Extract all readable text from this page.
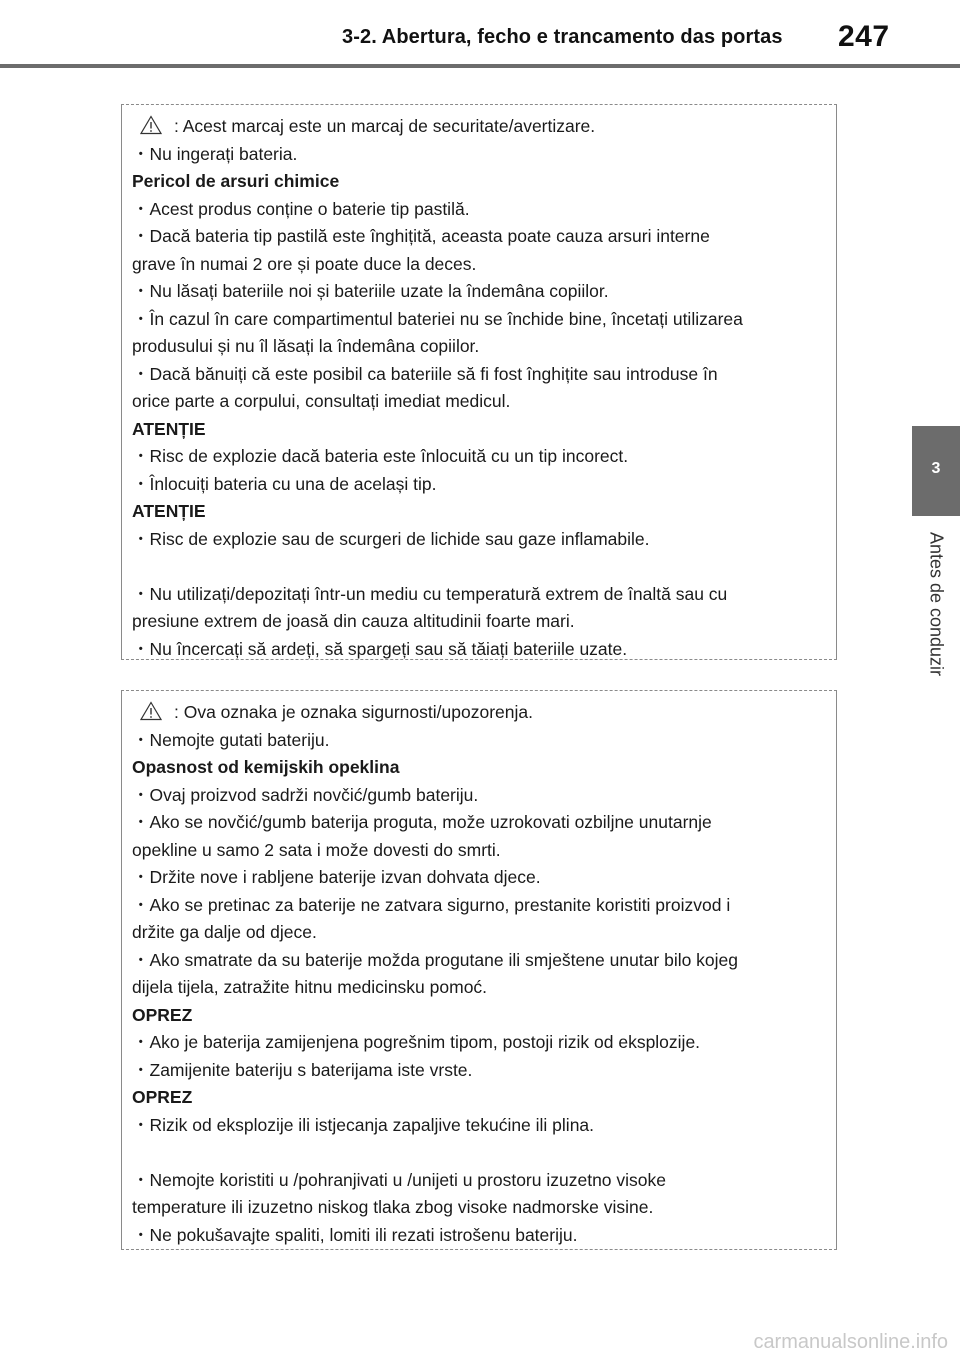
3-2. Abertura, fecho e trancamento das portas 247
3
Antes de conduzir
: Acest marcaj este un marcaj de securitate/avertizare.
・Nu ingerați bateria.
Pericol de arsuri chimice
・Acest produs conține o baterie tip pastilă.
・Dacă bateria tip pastilă este înghițită, aceasta poate cauza arsuri interne
grave în numai 2 ore și poate duce la deces.
・Nu lăsați bateriile noi și bateriile uzate la îndemâna copiilor.
・În cazul în care compartimentul bateriei nu se închide bine, încetați utilizarea
produsului și nu îl lăsați la îndemâna copiilor.
・Dacă bănuiți că este posibil ca bateriile să fi fost înghițite sau introduse în
orice parte a corpului, consultați imediat medicul.
ATENȚIE
・Risc de explozie dacă bateria este înlocuită cu un tip incorect.
・Înlocuiți bateria cu una de același tip.
ATENȚIE
・Risc de explozie sau de scurgeri de lichide sau gaze inflamabile.
・Nu utilizați/depozitați într-un mediu cu temperatură extrem de înaltă sau cu
presiune extrem de joasă din cauza altitudinii foarte mari.
・Nu încercați să ardeți, să spargeți sau să tăiați bateriile uzate.
: Ova oznaka je oznaka sigurnosti/upozorenja.
・Nemojte gutati bateriju.
Opasnost od kemijskih opeklina
・Ovaj proizvod sadrži novčić/gumb bateriju.
・Ako se novčić/gumb baterija proguta, može uzrokovati ozbiljne unutarnje
opekline u samo 2 sata i može dovesti do smrti.
・Držite nove i rabljene baterije izvan dohvata djece.
・Ako se pretinac za baterije ne zatvara sigurno, prestanite koristiti proizvod i
držite ga dalje od djece.
・Ako smatrate da su baterije možda progutane ili smještene unutar bilo kojeg
dijela tijela, zatražite hitnu medicinsku pomoć.
OPREZ
・Ako je baterija zamijenjena pogrešnim tipom, postoji rizik od eksplozije.
・Zamijenite bateriju s baterijama iste vrste.
OPREZ
・Rizik od eksplozije ili istjecanja zapaljive tekućine ili plina.
・Nemojte koristiti u /pohranjivati u /unijeti u prostoru izuzetno visoke
temperature ili izuzetno niskog tlaka zbog visoke nadmorske visine.
・Ne pokušavajte spaliti, lomiti ili rezati istrošenu bateriju.
carmanualsonline.info
